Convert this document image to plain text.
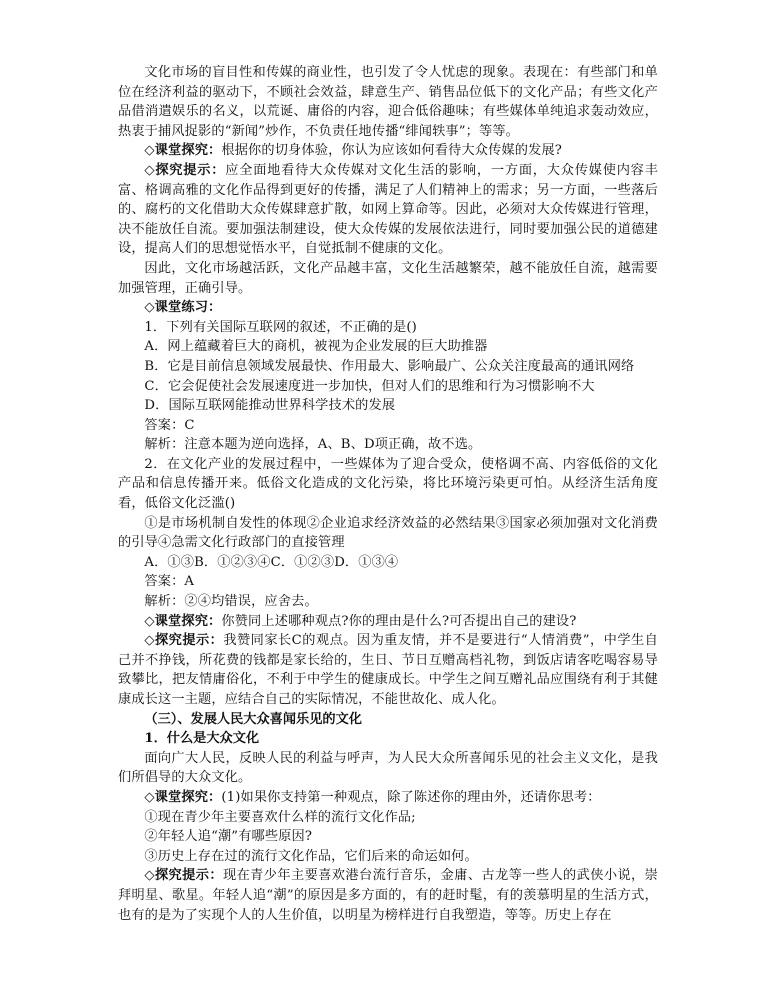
文化市场的盲目性和传媒的商业性，也引发了令人忧虑的现象。表现在：有些部门和单位在经济利益的驱动下，不顾社会效益，肆意生产、销售品位低下的文化产品；有些文化产品借消遣娱乐的名义，以荒诞、庸俗的内容，迎合低俗趣味；有些媒体单纯追求轰动效应，热衷于捕风捉影的“新闻”炒作，不负责任地传播“绯闻轶事”；等等。

◇课堂探究：根据你的切身体验，你认为应该如何看待大众传媒的发展?

◇探究提示：应全面地看待大众传媒对文化生活的影响，一方面，大众传媒使内容丰富、格调高雅的文化作品得到更好的传播，满足了人们精神上的需求；另一方面，一些落后的、腐朽的文化借助大众传媒肆意扩散，如网上算命等。因此，必须对大众传媒进行管理，决不能放任自流。要加强法制建设，使大众传媒的发展依法进行，同时要加强公民的道德建设，提高人们的思想觉悟水平，自觉抵制不健康的文化。

因此，文化市场越活跃，文化产品越丰富，文化生活越繁荣，越不能放任自流，越需要加强管理，正确引导。

◇课堂练习：

1．下列有关国际互联网的叙述，不正确的是()

A．网上蕴藏着巨大的商机，被视为企业发展的巨大助推器

B．它是目前信息领域发展最快、作用最大、影响最广、公众关注度最高的通讯网络

C．它会促使社会发展速度进一步加快，但对人们的思维和行为习惯影响不大

D．国际互联网能推动世界科学技术的发展

答案：C

解析：注意本题为逆向选择，A、B、D项正确，故不选。

2．在文化产业的发展过程中，一些媒体为了迎合受众，使格调不高、内容低俗的文化产品和信息传播开来。低俗文化造成的文化污染，将比环境污染更可怕。从经济生活角度看，低俗文化泛滥()

①是市场机制自发性的体现②企业追求经济效益的必然结果③国家必须加强对文化消费的引导④急需文化行政部门的直接管理

A．①③B．①②③④C．①②③D．①③④

答案：A

解析：②④均错误，应舍去。

◇课堂探究：你赞同上述哪种观点?你的理由是什么?可否提出自己的建设?

◇探究提示：我赞同家长C的观点。因为重友情，并不是要进行“人情消费”，中学生自己并不挣钱，所花费的钱都是家长给的，生日、节日互赠高档礼物，到饭店请客吃喝容易导致攀比，把友情庸俗化，不利于中学生的健康成长。中学生之间互赠礼品应围绕有利于其健康成长这一主题，应结合自己的实际情况，不能世故化、成人化。

（三）、发展人民大众喜闻乐见的文化

1．什么是大众文化

面向广大人民，反映人民的利益与呼声，为人民大众所喜闻乐见的社会主义文化，是我们所倡导的大众文化。

◇课堂探究：(1)如果你支持第一种观点，除了陈述你的理由外，还请你思考：

①现在青少年主要喜欢什么样的流行文化作品;

②年轻人追“潮”有哪些原因?

③历史上存在过的流行文化作品，它们后来的命运如何。

◇探究提示：现在青少年主要喜欢港台流行音乐，金庸、古龙等一些人的武侠小说，崇拜明星、歌星。年轻人追“潮”的原因是多方面的，有的赶时髦，有的羡慕明星的生活方式，也有的是为了实现个人的人生价值，以明星为榜样进行自我塑造，等等。历史上存在
